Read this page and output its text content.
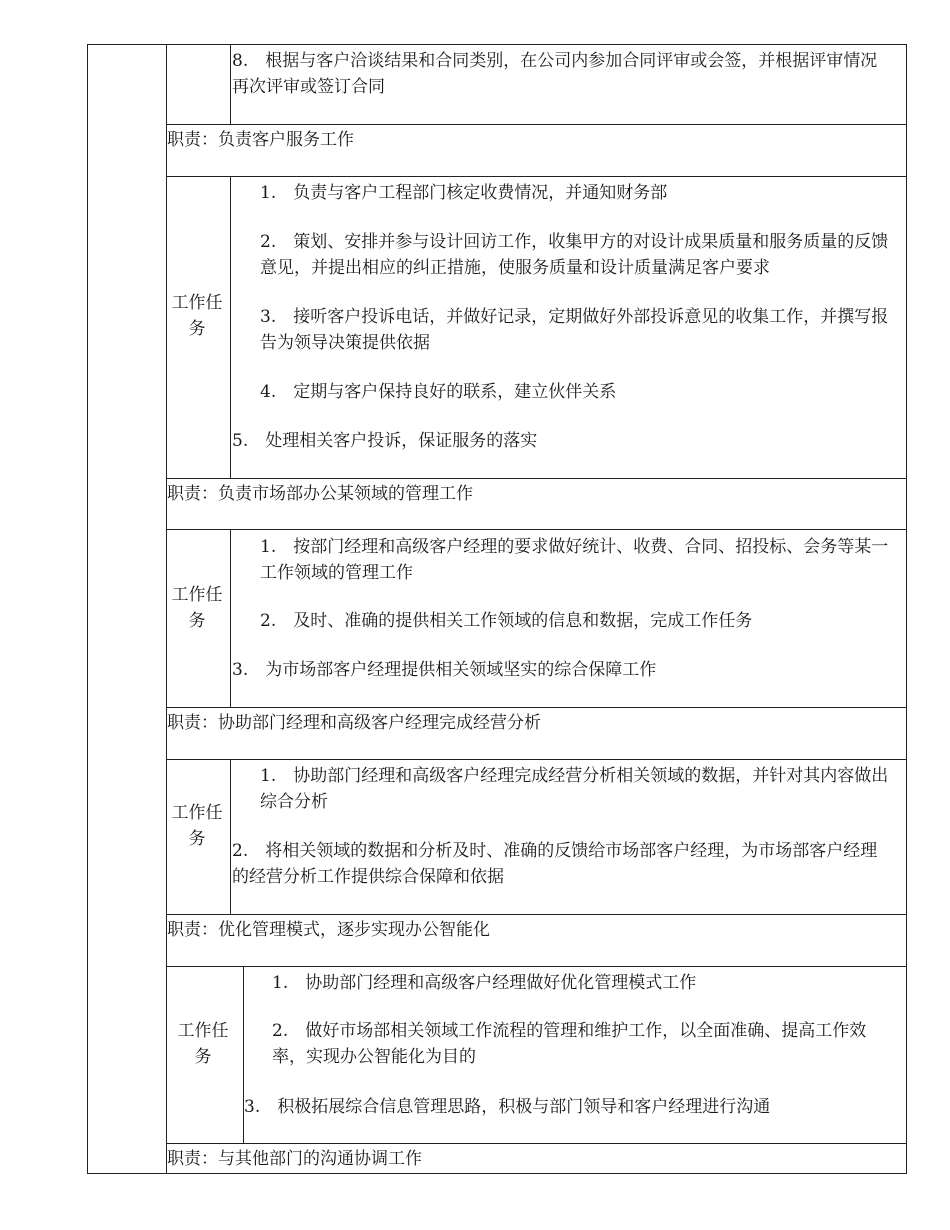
8.　根据与客户洽谈结果和合同类别，在公司内参加合同评审或会签，并根据评审情况再次评审或签订合同
职责：负责客户服务工作
工作任务
1.　负责与客户工程部门核定收费情况，并通知财务部
2.　策划、安排并参与设计回访工作，收集甲方的对设计成果质量和服务质量的反馈意见，并提出相应的纠正措施，使服务质量和设计质量满足客户要求
3.　接听客户投诉电话，并做好记录，定期做好外部投诉意见的收集工作，并撰写报告为领导决策提供依据
4.　定期与客户保持良好的联系，建立伙伴关系
5.　处理相关客户投诉，保证服务的落实
职责：负责市场部办公某领域的管理工作
工作任务
1.　按部门经理和高级客户经理的要求做好统计、收费、合同、招投标、会务等某一工作领域的管理工作
2.　及时、准确的提供相关工作领域的信息和数据，完成工作任务
3.　为市场部客户经理提供相关领域坚实的综合保障工作
职责：协助部门经理和高级客户经理完成经营分析
工作任务
1.　协助部门经理和高级客户经理完成经营分析相关领域的数据，并针对其内容做出综合分析
2.　将相关领域的数据和分析及时、准确的反馈给市场部客户经理，为市场部客户经理的经营分析工作提供综合保障和依据
职责：优化管理模式，逐步实现办公智能化
工作任务
1.　协助部门经理和高级客户经理做好优化管理模式工作
2.　做好市场部相关领域工作流程的管理和维护工作，以全面准确、提高工作效率，实现办公智能化为目的
3.　积极拓展综合信息管理思路，积极与部门领导和客户经理进行沟通
职责：与其他部门的沟通协调工作
